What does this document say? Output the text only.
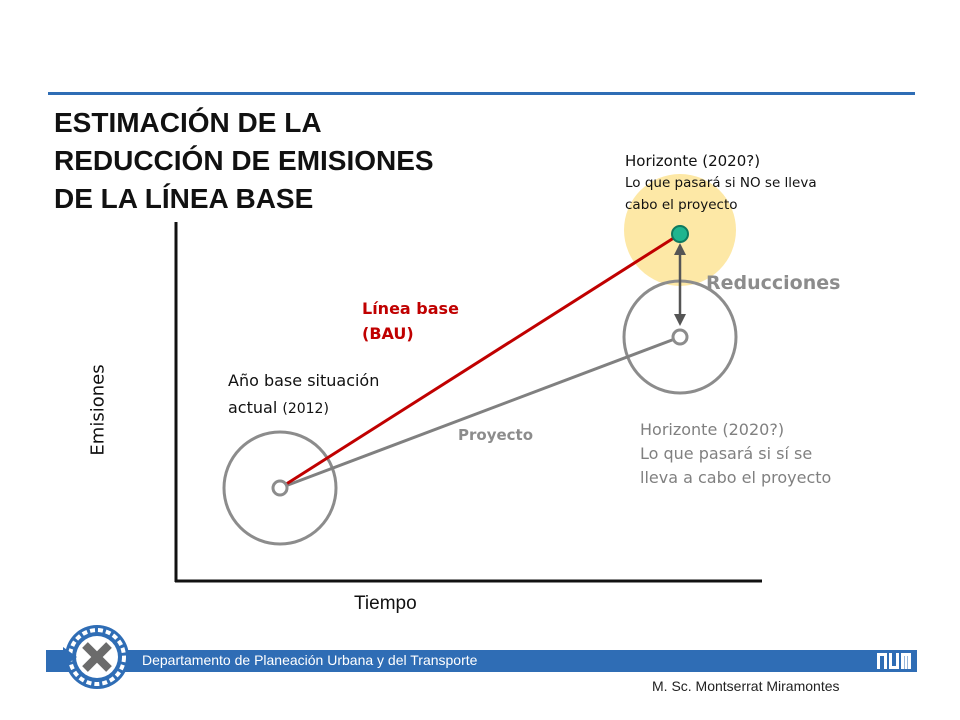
ESTIMACIÓN DE LA
REDUCCIÓN DE EMISIONES
DE LA LÍNEA BASE
Horizonte (2020?)
Lo que pasará si NO se lleva
cabo el proyecto
Reducciones
Línea base
(BAU)
Año base situación
actual (2012)
Proyecto	Horizonte (2020?)
Lo que pasará si sí se
lleva a cabo el proyecto
Emisiones
Tiempo
Departamento de Planeación Urbana y del Transporte
M. Sc. Montserrat Miramontes
